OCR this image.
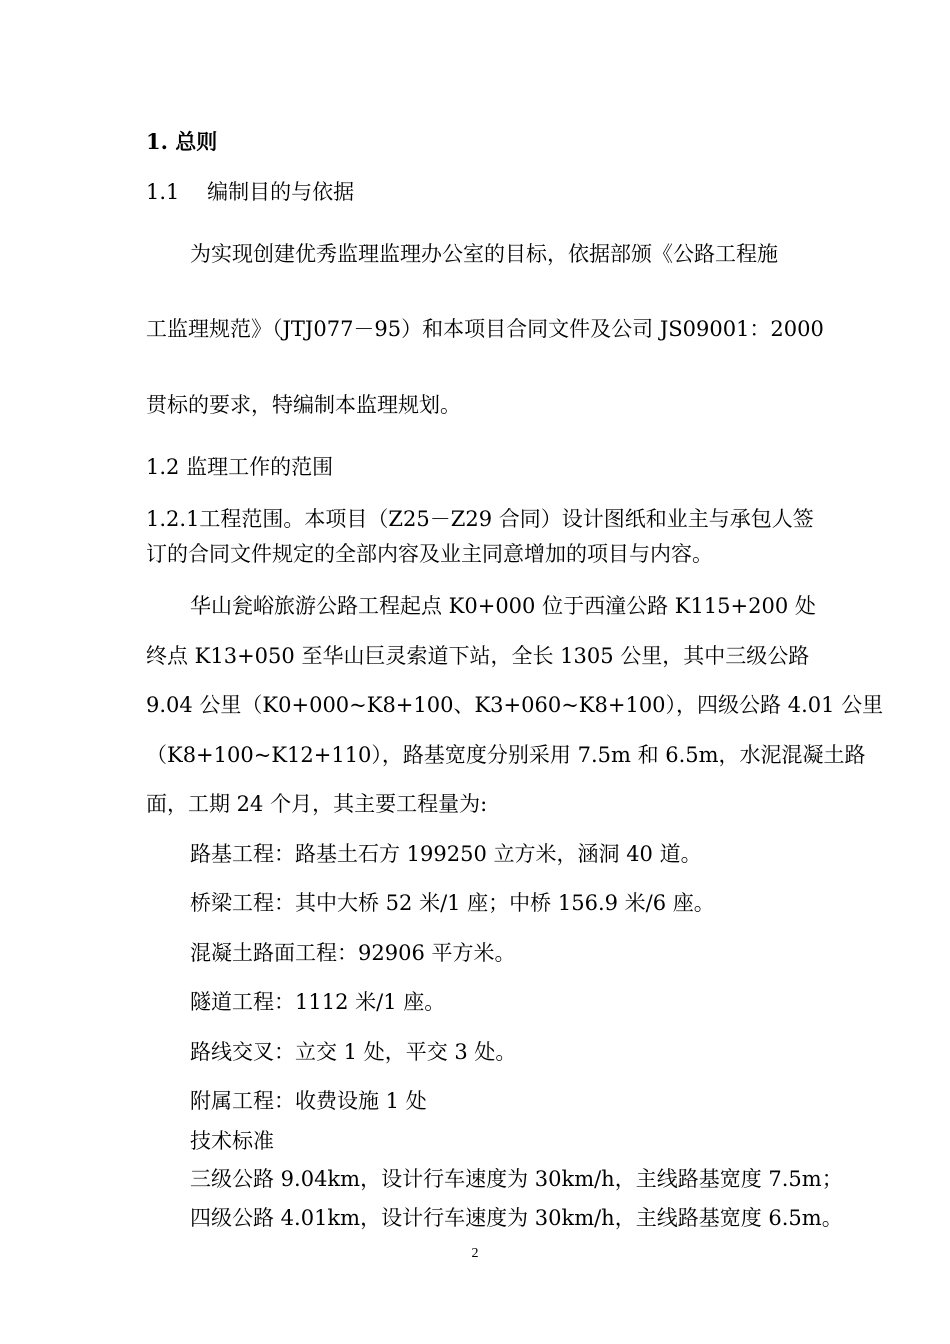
1. 总则
1.1　 编制目的与依据
为实现创建优秀监理监理办公室的目标，依据部颁《公路工程施
工监理规范》（JTJ077－95）和本项目合同文件及公司 JS09001：2000
贯标的要求，特编制本监理规划。
1.2 监理工作的范围
1.2.1工程范围。本项目（Z25－Z29 合同）设计图纸和业主与承包人签
订的合同文件规定的全部内容及业主同意增加的项目与内容。
华山瓮峪旅游公路工程起点 K0+000 位于西潼公路 K115+200 处
终点 K13+050 至华山巨灵索道下站，全长 1305 公里，其中三级公路
9.04 公里（K0+000~K8+100、K3+060~K8+100），四级公路 4.01 公里
（K8+100~K12+110），路基宽度分别采用 7.5m 和 6.5m，水泥混凝土路
面，工期 24 个月，其主要工程量为:
路基工程：路基土石方 199250 立方米，涵洞 40 道。
桥梁工程：其中大桥 52 米/1 座；中桥 156.9 米/6 座。
混凝土路面工程：92906 平方米。
隧道工程：1112 米/1 座。
路线交叉：立交 1 处，平交 3 处。
附属工程：收费设施 1 处
技术标准
三级公路 9.04km，设计行车速度为 30km/h，主线路基宽度 7.5m；
四级公路 4.01km，设计行车速度为 30km/h，主线路基宽度 6.5m。
2
